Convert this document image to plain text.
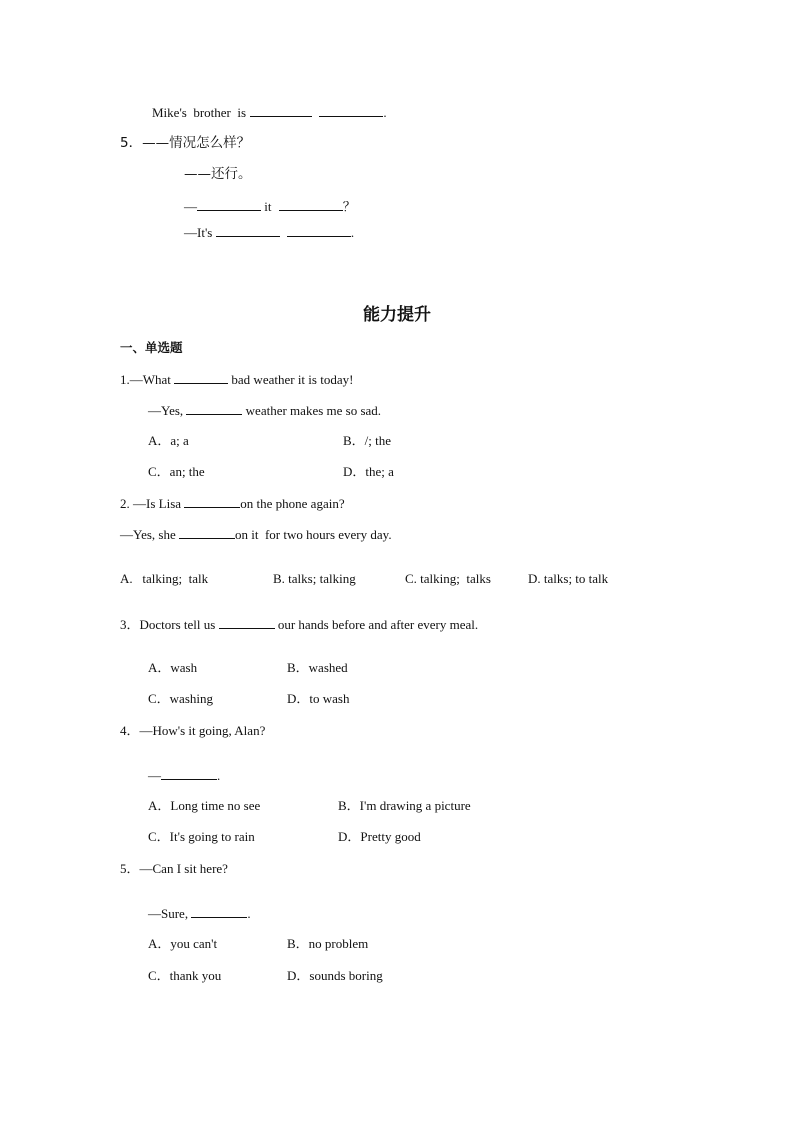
Mike's  brother  is	.
5．——情况怎么样？
——还行。
—	it	？
—It's	.
能力提升
一、单选题
1.—What	bad weather it is today!
—Yes,	weather makes me so sad.
A．a; a	B．/; the
C．an; the	D．the; a
2. —Is Lisa	on the phone again?
—Yes, she	on it  for two hours every day.
A.   talking;  talk	B. talks; talking	C. talking;  talks	D. talks; to talk
3．Doctors tell us	our hands before and after every meal.
A．wash	B．washed
C．washing	D．to wash
4．—How's it going, Alan?
—	.
A．Long time no see	B．I'm drawing a picture
C．It's going to rain	D．Pretty good
5．—Can I sit here?
—Sure,	.
A．you can't	B．no problem
C．thank you	D．sounds boring
